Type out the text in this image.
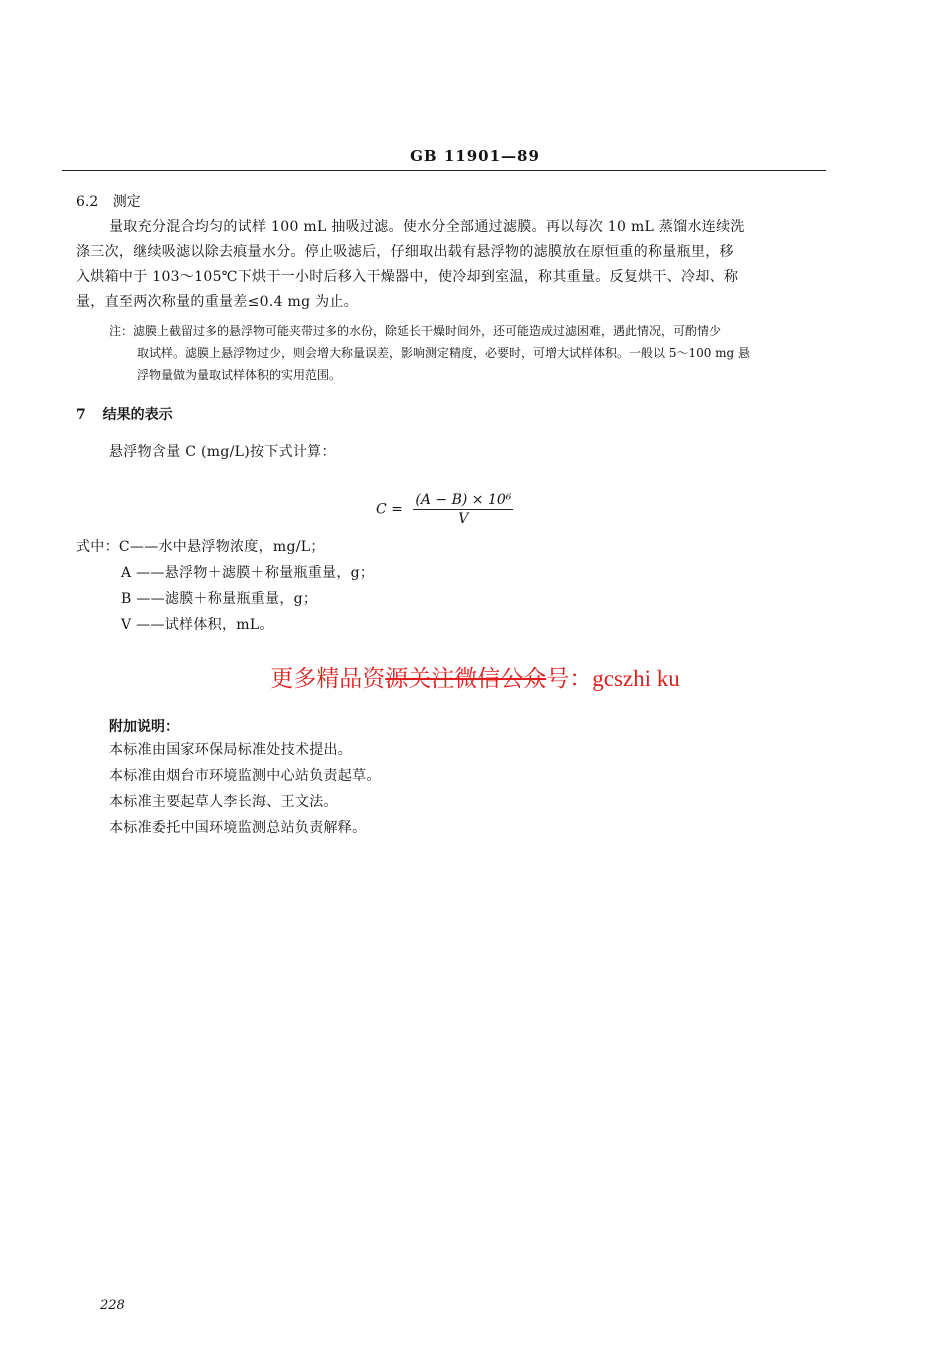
GB 11901—89
6.2 测定
量取充分混合均匀的试样 100 mL 抽吸过滤。使水分全部通过滤膜。再以每次 10 mL 蒸馏水连续洗
涤三次，继续吸滤以除去痕量水分。停止吸滤后，仔细取出载有悬浮物的滤膜放在原恒重的称量瓶里，移
入烘箱中于 103～105℃下烘干一小时后移入干燥器中，使冷却到室温，称其重量。反复烘干、冷却、称
量，直至两次称量的重量差≤0.4 mg 为止。
注：滤膜上截留过多的悬浮物可能夹带过多的水份，除延长干燥时间外，还可能造成过滤困难，遇此情况，可酌情少
取试样。滤膜上悬浮物过少，则会增大称量误差，影响测定精度，必要时，可增大试样体积。一般以 5～100 mg 悬
浮物量做为量取试样体积的实用范围。
7 结果的表示
悬浮物含量 C (mg/L)按下式计算：
$C = \frac{\text{(A − B) × 10⁶}}{V}$
式中：C——水中悬浮物浓度，mg/L；
A ——悬浮物＋滤膜＋称量瓶重量，g；
B ——滤膜＋称量瓶重量，g；
V ——试样体积，mL。
更多精品资源关注微信公众号：gcszhi ku
附加说明：
本标准由国家环保局标准处技术提出。
本标准由烟台市环境监测中心站负责起草。
本标准主要起草人李长海、王文法。
本标准委托中国环境监测总站负责解释。
228
